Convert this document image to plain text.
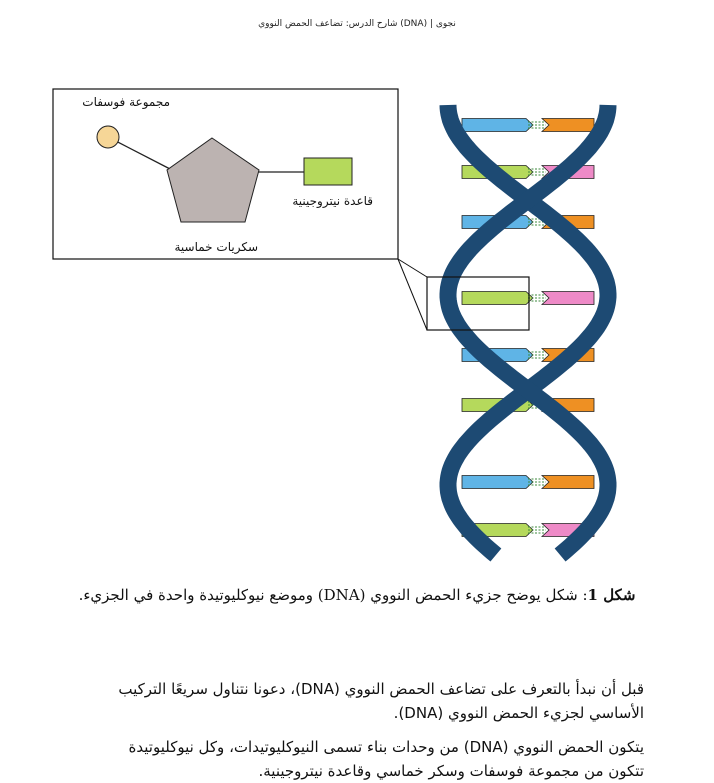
نجوى | (DNA) شارح الدرس: تضاعف الحمض النووي
مجموعة فوسفات
قاعدة نيتروجينية
سكريات خماسية
شكل 1: شكل يوضح جزيء الحمض النووي (DNA) وموضع نيوكليوتيدة واحدة في الجزيء.
قبل أن نبدأ بالتعرف على تضاعف الحمض النووي (DNA)، دعونا نتناول سريعًا التركيب الأساسي لجزيء الحمض النووي (DNA).
يتكون الحمض النووي (DNA) من وحدات بناء تسمى النيوكليوتيدات، وكل نيوكليوتيدة تتكون من مجموعة فوسفات وسكر خماسي وقاعدة نيتروجينية.
